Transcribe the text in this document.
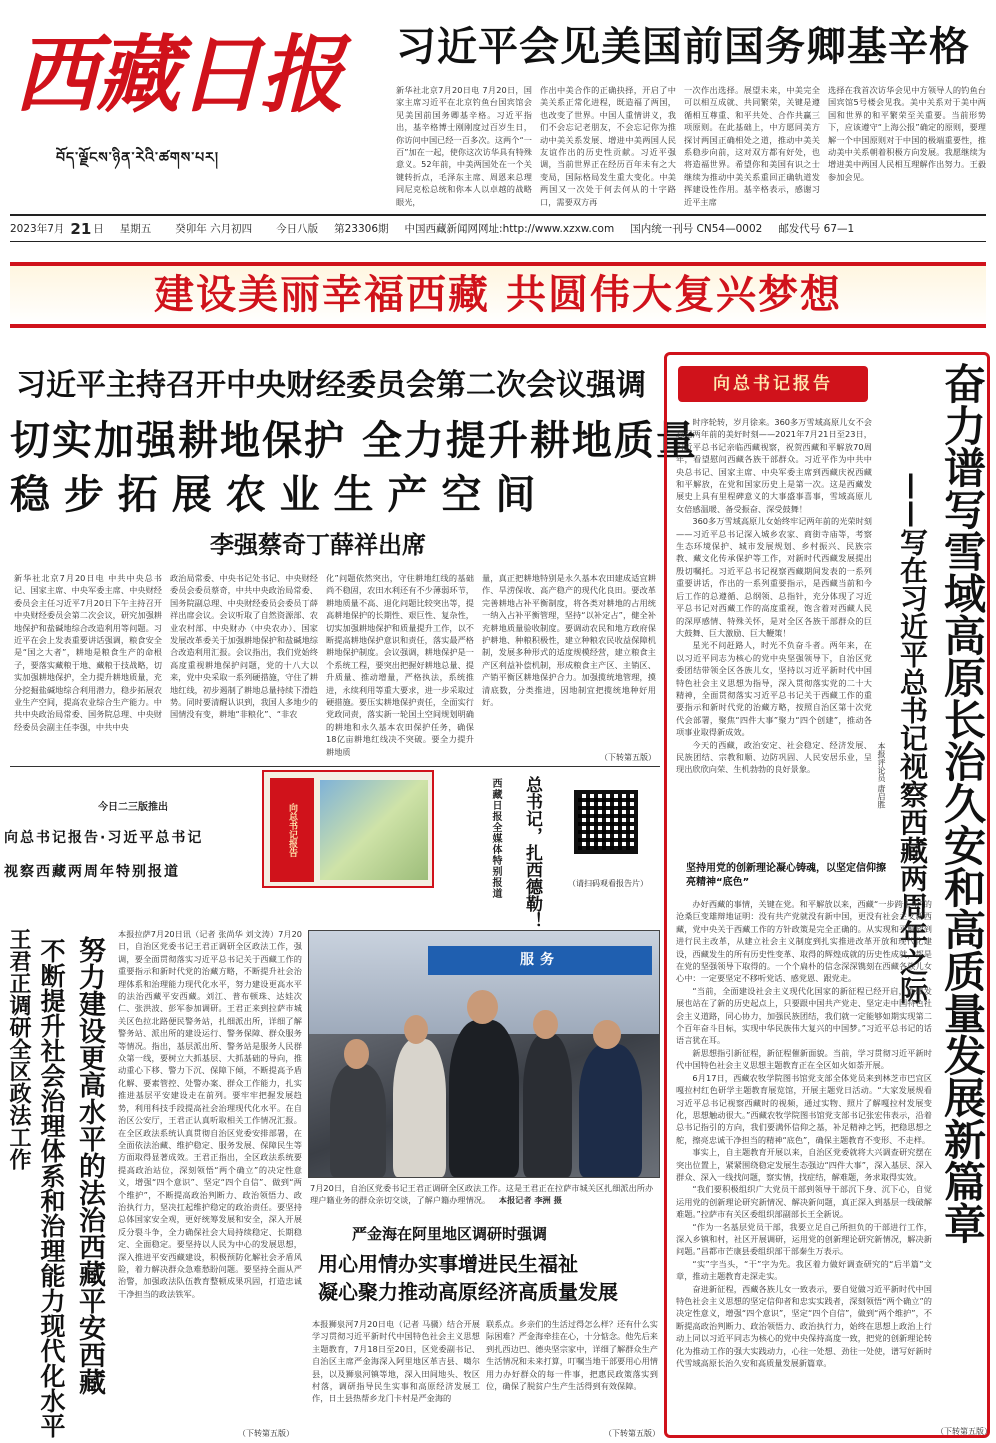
西藏日报
བོད་ལྗོངས་ཉིན་རེའི་ཚགས་པར།
习近平会见美国前国务卿基辛格
新华社北京7月20日电 7月20日，国家主席习近平在北京钓鱼台国宾馆会见美国前国务卿基辛格。习近平指出，基辛格博士刚刚度过百岁生日，你访问中国已经一百多次。这两个“一百”加在一起，使你这次访华具有特殊意义。52年前，中美两国处在一个关键转折点，毛泽东主席、周恩来总理同尼克松总统和你本人以卓越的战略眼光，
作出中美合作的正确抉择，开启了中美关系正常化进程，既造福了两国，也改变了世界。中国人重情讲义，我们不会忘记老朋友，不会忘记你为推动中美关系发展、增进中美两国人民友谊作出的历史性贡献。习近平强调，当前世界正在经历百年未有之大变局，国际格局发生重大变化。中美两国又一次处于何去何从的十字路口，需要双方再
一次作出选择。展望未来，中美完全可以相互成就、共同繁荣，关键是遵循相互尊重、和平共处、合作共赢三项原则。在此基础上，中方愿同美方探讨两国正确相处之道，推动中美关系稳步向前，这对双方都有好处，也将造福世界。希望你和美国有识之士继续为推动中美关系重回正确轨道发挥建设性作用。基辛格表示，感谢习近平主席
选择在我首次访华会见中方领导人的钓鱼台国宾馆5号楼会见我。美中关系对于美中两国和世界的和平繁荣至关重要。当前形势下，应该遵守“上海公报”确定的原则，要理解一个中国原则对于中国的极端重要性，推动美中关系朝着积极方向发展。我愿继续为增进美中两国人民相互理解作出努力。王毅参加会见。
2023年7月 21 日 星期五 癸卯年 六月初四 今日八版 第23306期 中国西藏新闻网网址:http://www.xzxw.com 国内统一刊号 CN54—0002 邮发代号 67—1
建设美丽幸福西藏 共圆伟大复兴梦想
习近平主持召开中央财经委员会第二次会议强调
切实加强耕地保护 全力提升耕地质量
稳 步 拓 展 农 业 生 产 空 间
李强蔡奇丁薛祥出席
新华社北京7月20日电 中共中央总书记、国家主席、中央军委主席、中央财经委员会主任习近平7月20日下午主持召开中央财经委员会第二次会议，研究加强耕地保护和盐碱地综合改造利用等问题。习近平在会上发表重要讲话强调，粮食安全是“国之大者”，耕地是粮食生产的命根子，要落实藏粮于地、藏粮于技战略，切实加强耕地保护，全力提升耕地质量，充分挖掘盐碱地综合利用潜力，稳步拓展农业生产空间，提高农业综合生产能力。中共中央政治局常委、国务院总理、中央财经委员会副主任李强，中共中央
政治局常委、中央书记处书记、中央财经委员会委员蔡奇，中共中央政治局常委、国务院副总理、中央财经委员会委员丁薛祥出席会议。会议听取了自然资源部、农业农村部、中央财办（中央农办）、国家发展改革委关于加强耕地保护和盐碱地综合改造利用汇报。会议指出，我们党始终高度重视耕地保护问题，党的十八大以来，党中央采取一系列硬措施，守住了耕地红线，初步遏制了耕地总量持续下滑趋势。同时要清醒认识到，我国人多地少的国情没有变，耕地“非粮化”、“非农
化”问题依然突出，守住耕地红线的基础尚不稳固，农田水利还有不少薄弱环节，耕地质量不高、退化问题比较突出等，提高耕地保护的长期性、艰巨性、复杂性，切实加强耕地保护和质量提升工作，以不断提高耕地保护意识和责任，落实最严格耕地保护制度。会议强调，耕地保护是一个系统工程，要突出把握好耕地总量、提升质量、推动增量，严格执法，系统推进，永续利用等重大要求，进一步采取过硬措施。要压实耕地保护责任，全面实行党政同责，落实新一轮国土空间规划明确的耕地和永久基本农田保护任务，确保18亿亩耕地红线决不突破。要全力提升耕地质
量，真正把耕地特别是永久基本农田建成适宜耕作、旱涝保收、高产稳产的现代化良田。要改革完善耕地占补平衡制度，将各类对耕地的占用统一纳入占补平衡管理，坚持“以补定占”，健全补充耕地质量验收制度。要调动农民和地方政府保护耕地、种粮积极性，建立种粮农民收益保障机制，发展多种形式的适度规模经营，建立粮食主产区利益补偿机制，形成粮食主产区、主销区、产销平衡区耕地保护合力。加强揽统地管理，摸清底数，分类推进，因地制宜把揽统地种好用好。
（下转第五版）
今日二三版推出
向总书记报告·习近平总书记
视察西藏两周年特别报道
向总书记报告	西藏日报全媒体特别报道 总书记，扎西德勒！	（请扫码观看报告片）
王君正调研全区政法工作 不断提升社会治理体系和治理能力现代化水平 努力建设更高水平的法治西藏平安西藏
本报拉萨7月20日讯（记者 张尚华 刘文涛）7月20日，自治区党委书记王君正调研全区政法工作，强调，要全面贯彻落实习近平总书记关于西藏工作的重要指示和新时代党的治藏方略，不断提升社会治理体系和治理能力现代化水平，努力建设更高水平的法治西藏平安西藏。刘江、普布顿珠、达娃次仁、张洪波、彭军参加调研。王君正来到拉萨市城关区色拉北路便民警务站，扎细派出所，详细了解警务站、派出所的建设运行、警务保障、群众服务等情况。指出，基层派出所、警务站是服务人民群众第一线，要树立大抓基层、大抓基础的导向，推动重心下移、警力下沉、保障下倾，不断提高予盾化解、要素管控、处警办案、群众工作能力，扎实推进基层平安建设走在前列。要牢牢把握发展趋势，利用科技手段提高社会治理现代化水平。在自治区公安厅，王君正认真听取相关工作情况汇报。在全区政法系统认真贯彻自治区党委安排部署，在全面依法治藏、维护稳定、服务发展、保障民生等方面取得显著成效。王君正指出，全区政法系统要提高政治站位，深刻领悟“两个确立”的决定性意义，增强“四个意识”、坚定“四个自信”、做到“两个维护”，不断提高政治判断力、政治领悟力、政治执行力，坚决扛起维护稳定的政治责任。要坚持总体国家安全观，更好统筹发展和安全，深入开展反分裂斗争，全力确保社会大局持续稳定、长期稳定、全面稳定。要坚持以人民为中心的发展思想，深入推进平安西藏建设，积极预防化解社会矛盾风险，着力解决群众急难愁盼问题。要坚持全面从严治警，加强政法队伍教育整顿成果巩固，打造忠诚干净担当的政法铁军。
（下转第五版）
服务
7月20日，自治区党委书记王君正调研全区政法工作。这是王君正在拉萨市城关区扎细派出所办理户籍业务的群众亲切交谈，了解户籍办理情况。 本报记者 李洲 摄
严金海在阿里地区调研时强调
用心用情办实事增进民生福祉
凝心聚力推动高原经济高质量发展
本报狮泉河7月20日电（记者 马骥）结合开展学习贯彻习近平新时代中国特色社会主义思想主题教育，7月18日至20日，区党委副书记、自治区主席严金海深入阿里地区革吉县、噶尔县，以及狮泉河镇等地，深入田间地头、牧区村落，调研指导民生实事和高原经济发展工作，日土县热帮乡龙门卡村是严金海的
联系点。乡亲们的生活过得怎么样？还有什么实际困难？严金海牵挂在心，十分惦念。他先后来到扎西边巴、德央坚宗家中，详细了解群众生产生活情况和未来打算，叮嘱当地干部要用心用情用力办好群众的每一件事，把惠民政策落实到位，确保了脱贫户生产生活得到有效保障。
（下转第五版）
向总书记报告	奋力谱写雪域高原长治久安和高质量发展新篇章
——写在习近平总书记视察西藏两周年之际
本报评论员 唐启胜

时序轮转，岁月徐来。360多万雪域高原儿女不会忘记两年前的美好时刻——2021年7月21日至23日，习近平总书记亲临西藏视察，祝贺西藏和平解放70周年，看望慰问西藏各族干部群众。习近平作为中共中央总书记、国家主席、中央军委主席到西藏庆祝西藏和平解放，在党和国家历史上是第一次。这是西藏发展史上具有里程碑意义的大事盛事喜事，雪域高原儿女倍感温暖、备受振奋、深受鼓舞！

360多万雪域高原儿女始终牢记两年前的光荣时刻——习近平总书记深入城乡农家、商街寺庙等，考察生态环境保护、城市发展规划、乡村振兴、民族宗教、藏文化传承保护等工作，对新时代西藏发展提出殷切嘱托。习近平总书记视察西藏期间发表的一系列重要讲话，作出的一系列重要指示，是西藏当前和今后工作的总遵循、总纲领、总指针，充分体现了习近平总书记对西藏工作的高度重视，饱含着对西藏人民的深厚感情、特殊关怀，是对全区各族干部群众的巨大鼓舞、巨大激励、巨大鞭策！

星光不问赶路人，时光不负奋斗者。两年来，在以习近平同志为核心的党中央坚强领导下，自治区党委团结带领全区各族儿女，坚持以习近平新时代中国特色社会主义思想为指导，深入贯彻落实党的二十大精神，全面贯彻落实习近平总书记关于西藏工作的重要指示和新时代党的治藏方略，按照自治区第十次党代会部署，聚焦“四件大事”聚力“四个创建”，推动各项事业取得新成效。

今天的西藏，政治安定、社会稳定、经济发展、民族团结、宗教和顺、边防巩固、人民安居乐业，呈现出欣欣向荣、生机勃勃的良好景象。

坚持用党的创新理论凝心铸魂，以坚定信仰擦亮精神“底色”

办好西藏的事情，关键在党。和平解放以来，西藏“一步跨千年”的沧桑巨变雄辩地证明：没有共产党就没有新中国，更没有社会主义新西藏，党中央关于西藏工作的方针政策是完全正确的。从实现和平解放到进行民主改革，从建立社会主义制度到扎实推进改革开放和现代化建设，西藏发生的所有历史性变革、取得的辉煌成就的历史性成就，都是在党的坚强领导下取得的。一个个扁朴的信念深深镌刻在西藏各族儿女心中：一定要坚定不移听党话、感党恩、跟党走。

“当前，全面建设社会主义现代化国家的新征程已经开启，西藏发展也站在了新的历史起点上，只要跟中国共产党走、坚定走中国特色社会主义道路，同心协力，加强民族团结，我们就一定能够如期实现第二个百年奋斗目标，实现中华民族伟大复兴的中国梦。”习近平总书记的话语言犹在耳。

新思想指引新征程，新征程催新面貌。当前，学习贯彻习近平新时代中国特色社会主义思想主题教育正在全区如火如荼开展。

6月17日，西藏农牧学院图书馆党支部全体党员来到林芝市巴宜区嘎拉村红色研学主题教育展览馆，开展主题党日活动。“大家发展规看习近平总书记视察西藏时的视频，通过实物、照片了解嘎拉村发展变化，思想触动很大。”西藏农牧学院图书馆党支部书记张宏伟表示，沿着总书记指引的方向，我们要满怀信仰之基，补足精神之钙，把稳思想之舵，擦亮忠诚干净担当的精神“底色”，确保主题教育不变形、不走样。

事实上，自主题教育开展以来，自治区党委就将大兴调查研究摆在突出位置上，紧紧围绕稳定发展生态强边“四件大事”，深入基层、深入群众、深入一线找问题，察实情，找症结，解难题，务求取得实效。

“我们要积极组织广大党员干部到领导干部沉下身、沉下心，自觉运用党的创新理论研究新情况、解决新问题，真正深入到基层一线破解难题。”拉萨市有关区委组织部副部长王全新说。

“作为一名基层党员干部，我要立足自己所担负的干部进行工作，深入乡镇和村，社区开展调研，运用党的创新理论研究新情况，解决新问题。”昌都市芒康县委组织部干部秦生万表示。

“实”字当头，“干”字为先。我区着力做好调查研究的“后半篇”文章，推动主题教育走深走实。

奋进新征程，西藏各族儿女一致表示，要自觉做习近平新时代中国特色社会主义思想的坚定信仰者和忠实实践者，深刻领悟“两个确立”的决定性意义，增强“四个意识”，坚定“四个自信”，做到“两个维护”，不断提高政治判断力、政治领悟力、政治执行力，始终在思想上政治上行动上同以习近平同志为核心的党中央保持高度一致，把党的创新理论转化为推动工作的强大实践动力，心往一处想、劲往一处使，谱写好新时代雪域高原长治久安和高质量发展新篇章。

（下转第五版）
